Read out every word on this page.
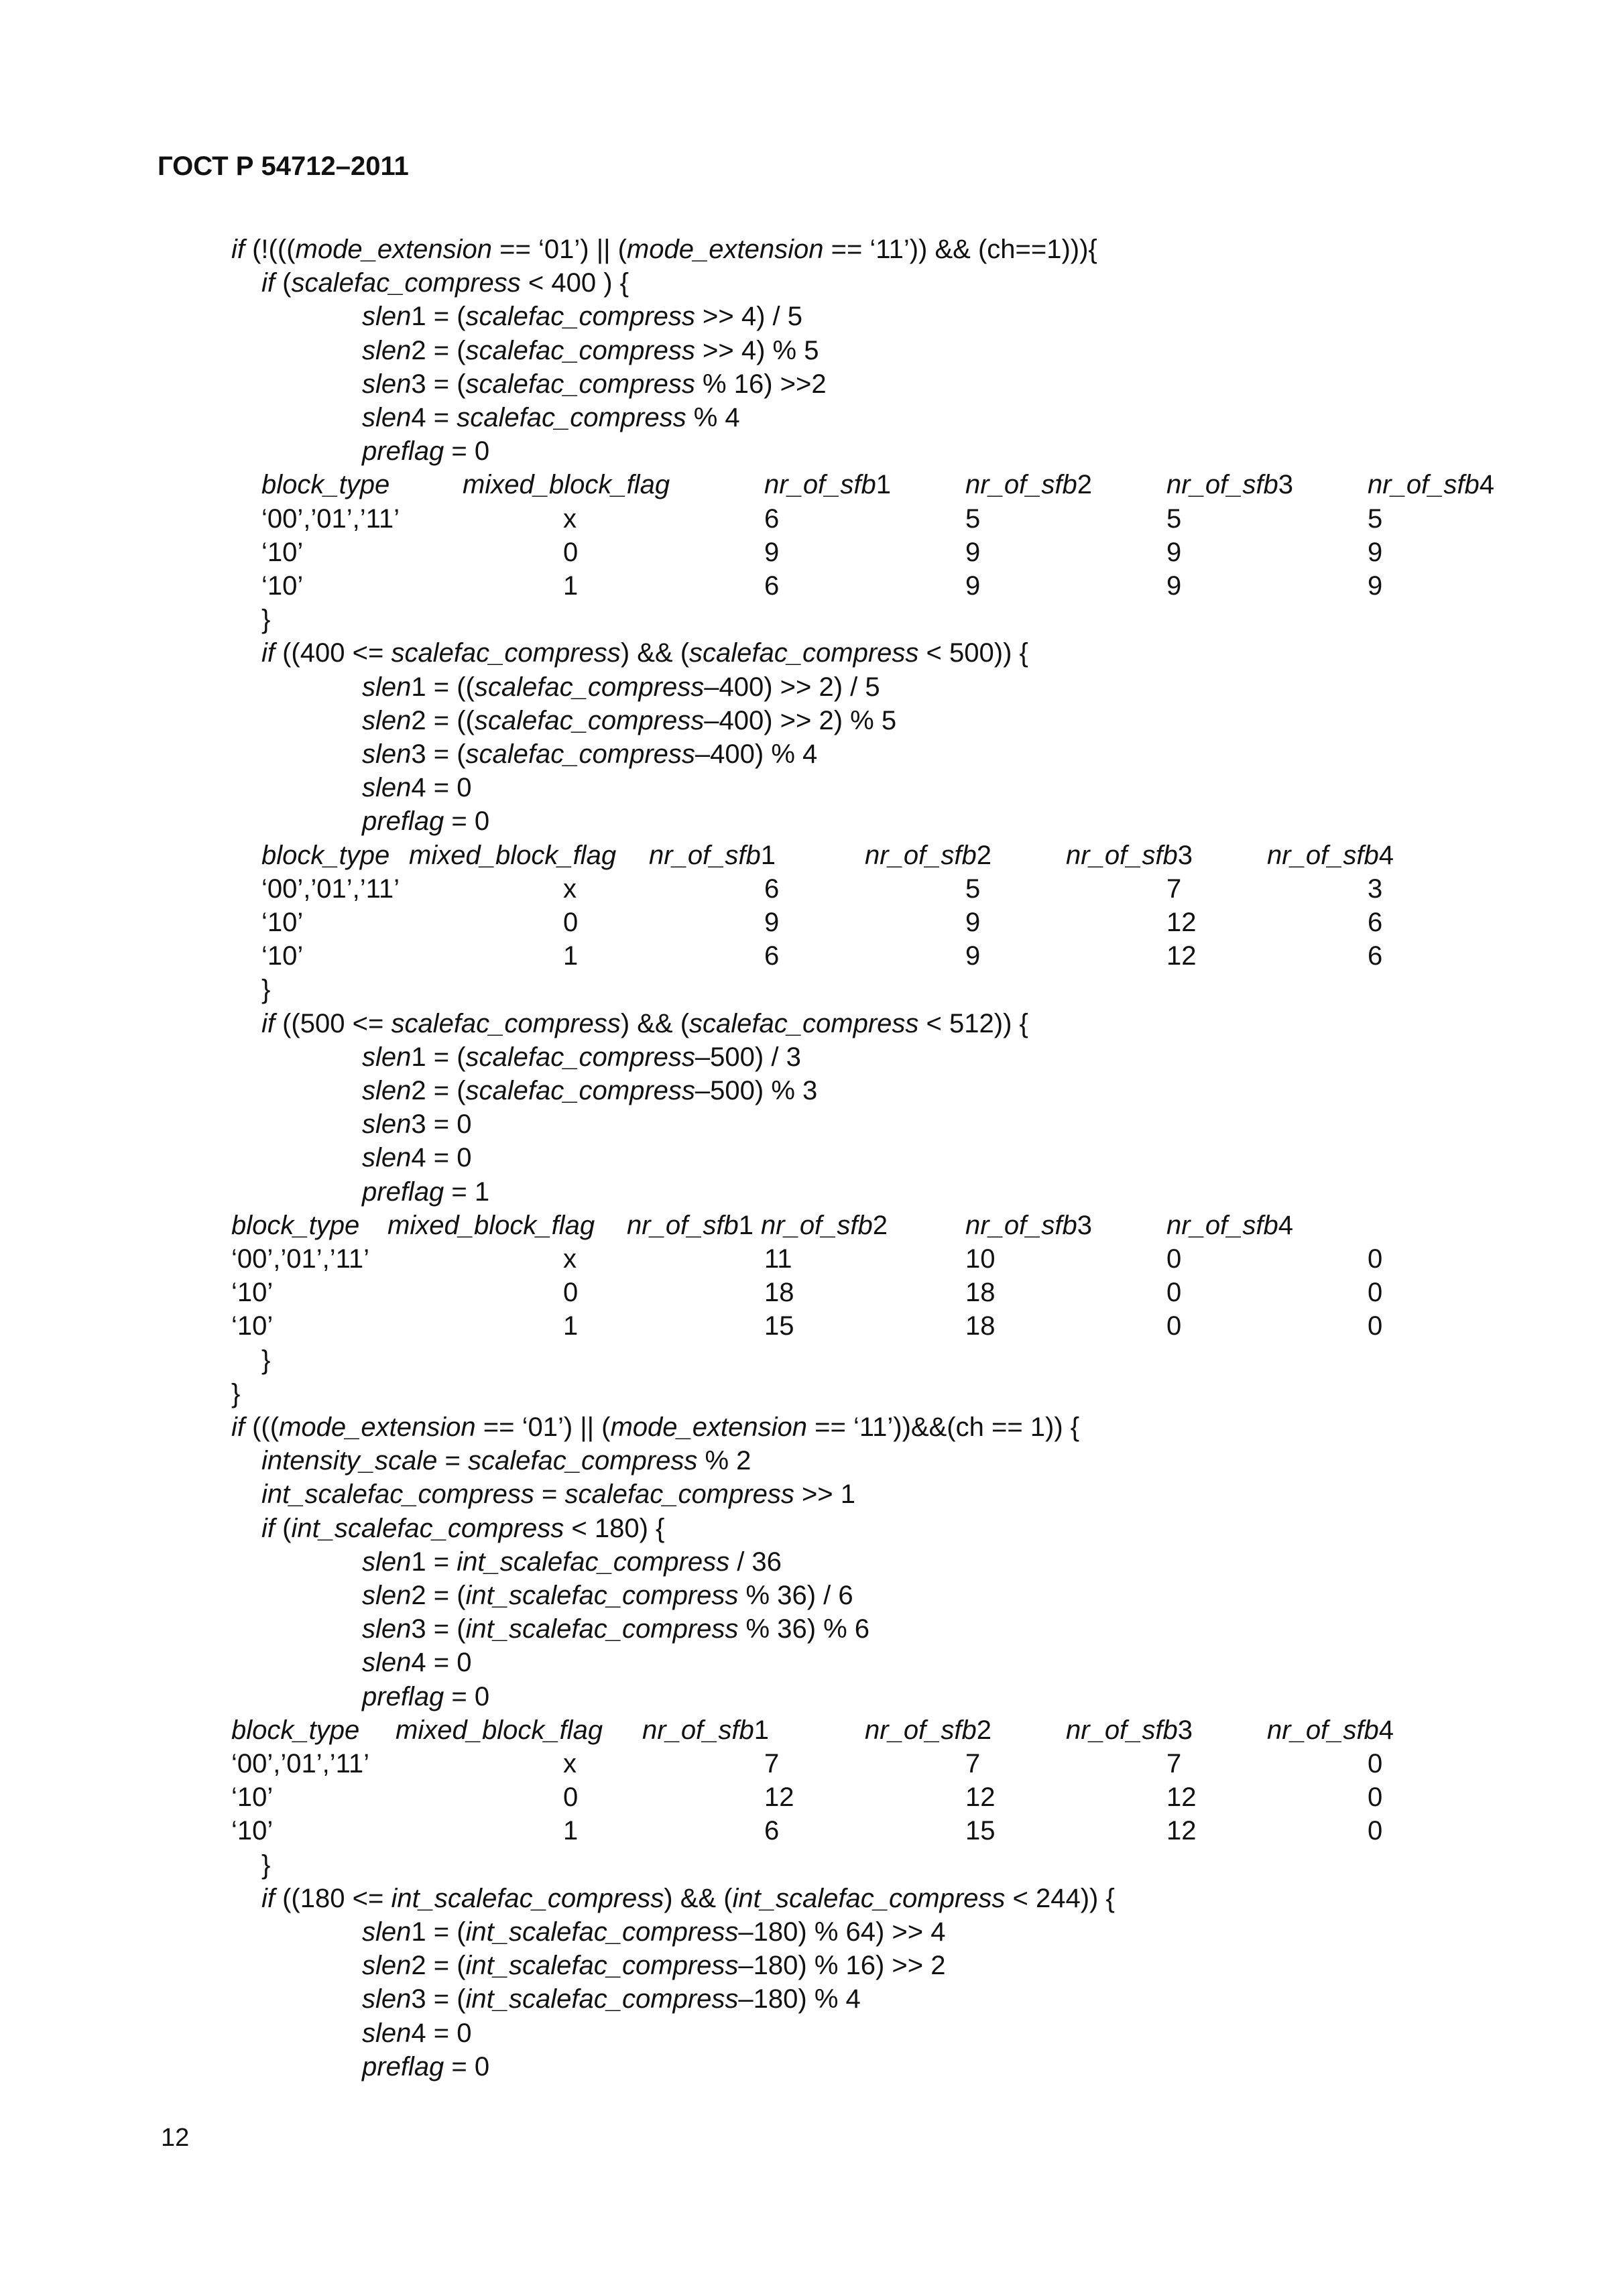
ГОСТ Р 54712–2011
if (!(((mode_extension == ‘01’) || (mode_extension == ‘11’)) && (ch==1))){
if (scalefac_compress < 400 ) {
slen1 = (scalefac_compress >> 4) / 5
slen2 = (scalefac_compress >> 4) % 5
slen3 = (scalefac_compress % 16) >>2
slen4 = scalefac_compress % 4
preflag = 0
block_type	mixed_block_flag	nr_of_sfb1	nr_of_sfb2	nr_of_sfb3	nr_of_sfb4
‘00’,’01’,’11’	x	6	5	5	5
‘10’	0	9	9	9	9
‘10’	1	6	9	9	9
}
if ((400 <= scalefac_compress) && (scalefac_compress < 500)) {
slen1 = ((scalefac_compress–400) >> 2) / 5
slen2 = ((scalefac_compress–400) >> 2) % 5
slen3 = (scalefac_compress–400) % 4
slen4 = 0
preflag = 0
block_type mixed_block_flag nr_of_sfb1	nr_of_sfb2	nr_of_sfb3	nr_of_sfb4
‘00’,’01’,’11’	x	6	5	7	3
‘10’	0	9	9	12	6
‘10’	1	6	9	12	6
}
if ((500 <= scalefac_compress) && (scalefac_compress < 512)) {
slen1 = (scalefac_compress–500) / 3
slen2 = (scalefac_compress–500) % 3
slen3 = 0
slen4 = 0
preflag = 1
block_type mixed_block_flag nr_of_sfb1 nr_of_sfb2	nr_of_sfb3	nr_of_sfb4
‘00’,’01’,’11’	x	11	10	0	0
‘10’	0	18	18	0	0
‘10’	1	15	18	0	0
}
}
if (((mode_extension == ‘01’) || (mode_extension == ‘11’))&&(ch == 1)) {
intensity_scale = scalefac_compress % 2
int_scalefac_compress = scalefac_compress >> 1
if (int_scalefac_compress < 180) {
slen1 = int_scalefac_compress / 36
slen2 = (int_scalefac_compress % 36) / 6
slen3 = (int_scalefac_compress % 36) % 6
slen4 = 0
preflag = 0
block_type mixed_block_flag nr_of_sfb1	nr_of_sfb2	nr_of_sfb3	nr_of_sfb4
‘00’,’01’,’11’	x	7	7	7	0
‘10’	0	12	12	12	0
‘10’	1	6	15	12	0
}
if ((180 <= int_scalefac_compress) && (int_scalefac_compress < 244)) {
slen1 = (int_scalefac_compress–180) % 64) >> 4
slen2 = (int_scalefac_compress–180) % 16) >> 2
slen3 = (int_scalefac_compress–180) % 4
slen4 = 0
preflag = 0
12
